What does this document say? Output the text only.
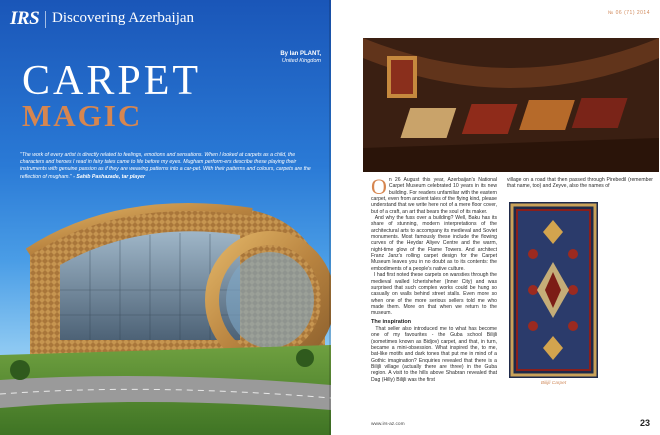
IRS Discovering Azerbaijan
By Ian PLANT,
United Kingdom
CARPET
MAGIC
"The work of every artist is directly related to feelings, emotions and sensations. When I looked at carpets as a child, the characters and heroes I read in fairy tales came to life before my eyes. Mugham perform-ers describe these playing their instruments with genuine passion as if they are weaving patterns into a car-pet. With their patterns and colours, carpets are the reflection of mugham." - Sahib Pashazade, tar player
№ 06 (71) 2014

O n 26 August this year, Azerbaijan's National Carpet Museum celebrated 10 years in its new building. For readers unfamiliar with the eastern carpet, even from ancient tales of the flying kind, please understand that we write here not of a mere floor cover, but of a craft, an art that bears the soul of its maker.

And why the fuss over a building? Well, Baku has its share of stunning, modern interpretations of the architectural arts to accompany its medieval and Soviet monuments. Most famously these include the flowing curves of the Heydar Aliyev Centre and the warm, night-time glow of the Flame Towers. And architect Franz Janz's rolling carpet design for the Carpet Museum leaves you in no doubt as to its contents: the embodiments of a people's native culture.

I had first noted these carpets on wansties through the medieval walled Icherisheher (Inner City) and was surprised that such complex works could be hung so casually on walls behind street stalls. Even more so when one of the more serious sellers told me who made them. More on that when we return to the museum.

The inspiration

That seller also introduced me to what has become one of my favourites - the Guba school Bilijli (sometimes known as Bidjov) carpet, and that, in turn, became a mini-obsession. What inspired the, to me, bat-like motifs and dark tones that put me in mind of a Gothic imagination? Enquiries revealed that there is a Bilijli village (actually there are three) in the Guba region. A visit to the hills above Shabran revealed that Dag (Hilly) Bilijli was the first

village on a road that then passed through Pirebedil (remember that name, too) and Zeyve, also the names of

Bilijli Carpet
www.irs-az.com	23
